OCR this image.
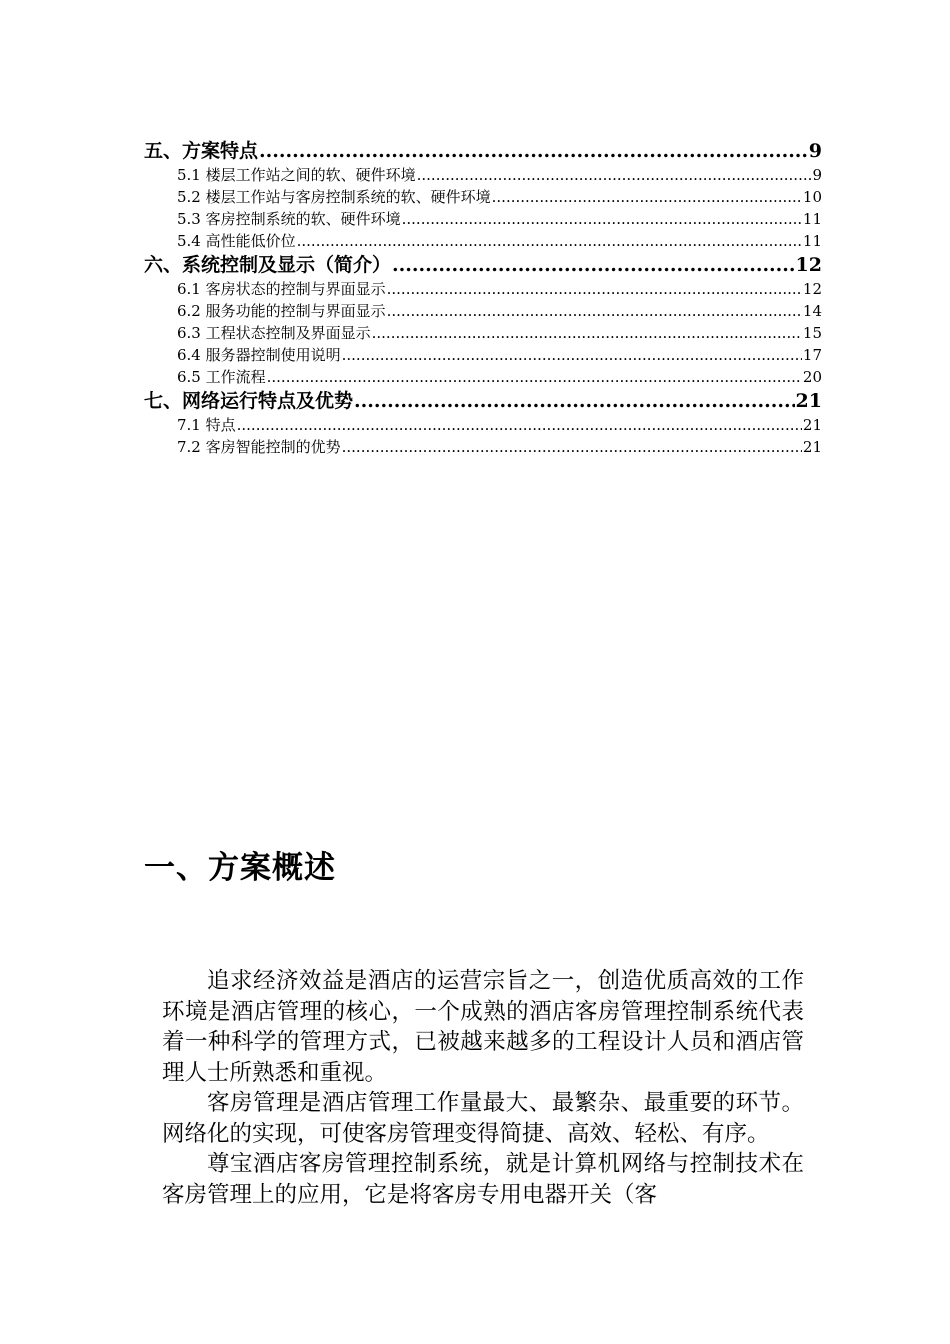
五、方案特点 .....	9
5.1 楼层工作站之间的软、硬件环境 .....	9
5.2 楼层工作站与客房控制系统的软、硬件环境 .....	10
5.3 客房控制系统的软、硬件环境 .....	11
5.4 高性能低价位 .....	11
六、系统控制及显示（简介） .....	12
6.1 客房状态的控制与界面显示 .....	12
6.2 服务功能的控制与界面显示 .....	14
6.3 工程状态控制及界面显示 .....	15
6.4 服务器控制使用说明 .....	17
6.5 工作流程 .....	20
七、网络运行特点及优势 .....	21
7.1 特点 .....	21
7.2 客房智能控制的优势 .....	21
一、方案概述

追求经济效益是酒店的运营宗旨之一，创造优质高效的工作环境是酒店管理的核心，一个成熟的酒店客房管理控制系统代表着一种科学的管理方式，已被越来越多的工程设计人员和酒店管理人士所熟悉和重视。

客房管理是酒店管理工作量最大、最繁杂、最重要的环节。网络化的实现，可使客房管理变得简捷、高效、轻松、有序。

尊宝酒店客房管理控制系统，就是计算机网络与控制技术在客房管理上的应用，它是将客房专用电器开关（客
